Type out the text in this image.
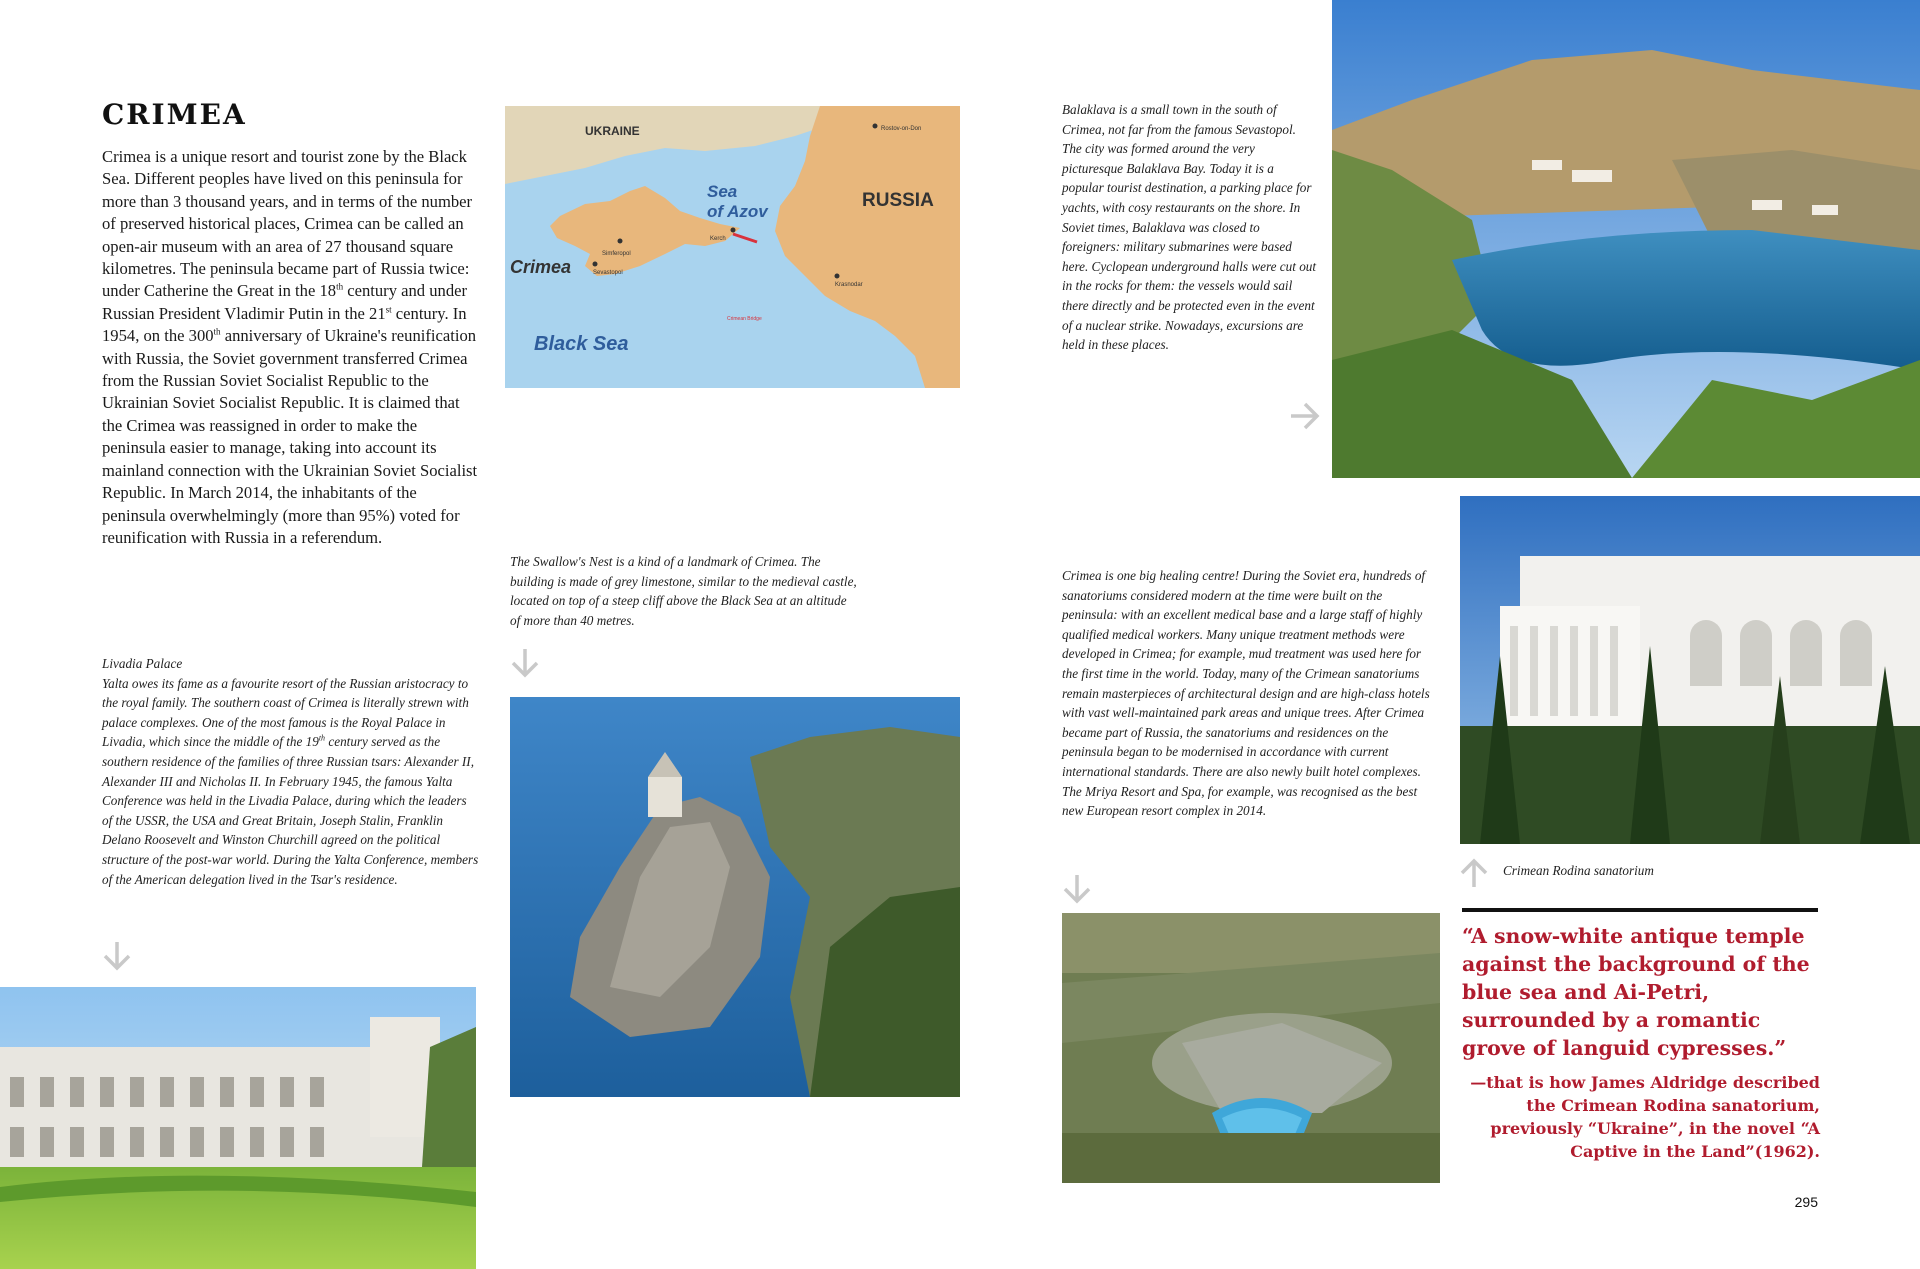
CRIMEA
Crimea is a unique resort and tourist zone by the Black Sea. Different peoples have lived on this peninsula for more than 3 thousand years, and in terms of the number of preserved historical places, Crimea can be called an open-air museum with an area of 27 thousand square kilometres. The peninsula became part of Russia twice: under Catherine the Great in the 18th century and under Russian President Vladimir Putin in the 21st century. In 1954, on the 300th anniversary of Ukraine's reunification with Russia, the Soviet government transferred Crimea from the Russian Soviet Socialist Republic to the Ukrainian Soviet Socialist Republic. It is claimed that the Crimea was reassigned in order to make the peninsula easier to manage, taking into account its mainland connection with the Ukrainian Soviet Socialist Republic. In March 2014, the inhabitants of the peninsula overwhelmingly (more than 95%) voted for reunification with Russia in a referendum.
UKRAINE	Rostov-on-Don
Sea
of Azov
RUSSIA
Crimea
Simferopol
Sevastopol
Kerch
Krasnodar
Crimean Bridge
Black Sea
Livadia Palace
Yalta owes its fame as a favourite resort of the Russian aristocracy to the royal family. The southern coast of Crimea is literally strewn with palace complexes. One of the most famous is the Royal Palace in Livadia, which since the middle of the 19th century served as the southern residence of the families of three Russian tsars: Alexander II, Alexander III and Nicholas II. In February 1945, the famous Yalta Conference was held in the Livadia Palace, during which the leaders of the USSR, the USA and Great Britain, Joseph Stalin, Franklin Delano Roosevelt and Winston Churchill agreed on the political structure of the post-war world. During the Yalta Conference, members of the American delegation lived in the Tsar's residence.
The Swallow's Nest is a kind of a landmark of Crimea. The building is made of grey limestone, similar to the medieval castle, located on top of a steep cliff above the Black Sea at an altitude of more than 40 metres.
Balaklava is a small town in the south of Crimea, not far from the famous Sevastopol. The city was formed around the very picturesque Balaklava Bay. Today it is a popular tourist destination, a parking place for yachts, with cosy restaurants on the shore. In Soviet times, Balaklava was closed to foreigners: military submarines were based here. Cyclopean underground halls were cut out in the rocks for them: the vessels would sail there directly and be protected even in the event of a nuclear strike. Nowadays, excursions are held in these places.
Crimea is one big healing centre! During the Soviet era, hundreds of sanatoriums considered modern at the time were built on the peninsula: with an excellent medical base and a large staff of highly qualified medical workers. Many unique treatment methods were developed in Crimea; for example, mud treatment was used here for the first time in the world. Today, many of the Crimean sanatoriums remain masterpieces of architectural design and are high-class hotels with vast well-maintained park areas and unique trees. After Crimea became part of Russia, the sanatoriums and residences on the peninsula began to be modernised in accordance with current international standards. There are also newly built hotel complexes. The Mriya Resort and Spa, for example, was recognised as the best new European resort complex in 2014.
Crimean Rodina sanatorium
“A snow-white antique temple against the background of the blue sea and Ai-Petri, surrounded by a romantic grove of languid cypresses.”
—that is how James Aldridge described the Crimean Rodina sanatorium, previously “Ukraine”, in the novel “A Captive in the Land”(1962).
295
